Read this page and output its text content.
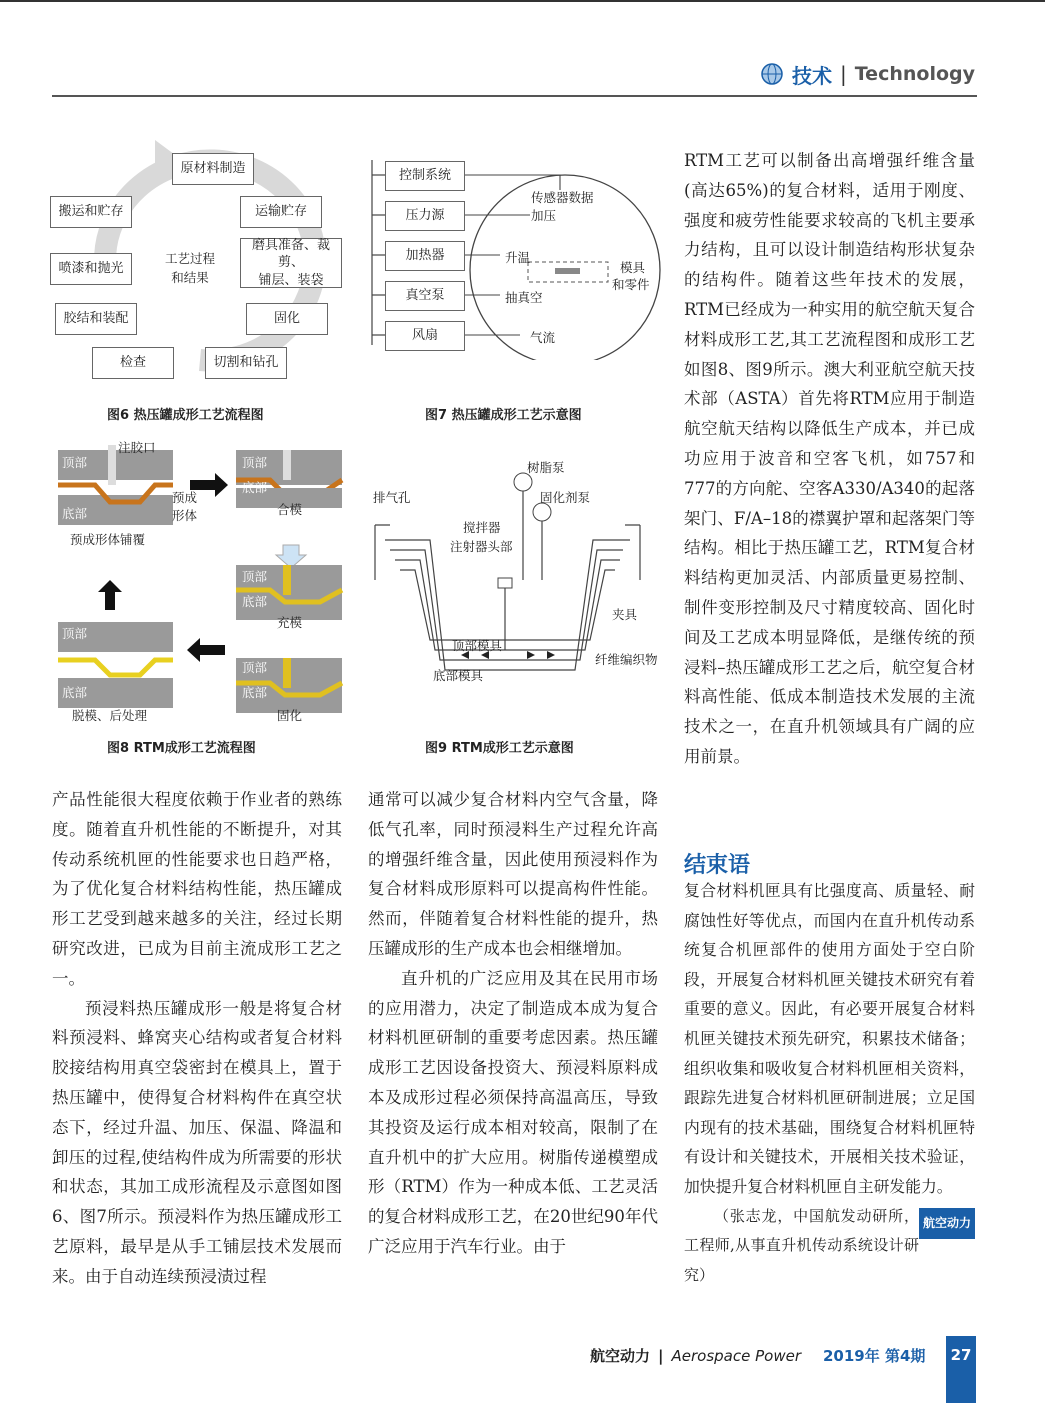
技术 | Technology
原材料制造
运输贮存
磨具准备、裁剪、
铺层、装袋
固化
切割和钻孔
检查
胶结和装配
喷漆和抛光
搬运和贮存
工艺过程
和结果
图6 热压罐成形工艺流程图
控制系统
压力源
加热器
真空泵
风扇
传感器数据
加压
升温
抽真空
气流
模具
和零件
图7 热压罐成形工艺示意图
顶部
底部
注胶口
预成
形体
顶部
底部
顶部
底部
顶部
底部
顶部
底部
预成形体铺覆
合模
充模
固化
脱模、后处理
图8 RTM成形工艺流程图
树脂泵
排气孔	固化剂泵
搅拌器
注射器头部
夹具
顶部模具
纤维编织物
底部模具
图9 RTM成形工艺示意图

产品性能很大程度依赖于作业者的熟练度。随着直升机性能的不断提升，对其传动系统机匣的性能要求也日趋严格，为了优化复合材料结构性能，热压罐成形工艺受到越来越多的关注，经过长期研究改进，已成为目前主流成形工艺之一。

预浸料热压罐成形一般是将复合材料预浸料、蜂窝夹心结构或者复合材料胶接结构用真空袋密封在模具上，置于热压罐中，使得复合材料构件在真空状态下，经过升温、加压、保温、降温和卸压的过程,使结构件成为所需要的形状和状态，其加工成形流程及示意图如图6、图7所示。预浸料作为热压罐成形工艺原料，最早是从手工铺层技术发展而来。由于自动连续预浸渍过程

通常可以减少复合材料内空气含量，降低气孔率，同时预浸料生产过程允许高的增强纤维含量，因此使用预浸料作为复合材料成形原料可以提高构件性能。然而，伴随着复合材料性能的提升，热压罐成形的生产成本也会相继增加。

直升机的广泛应用及其在民用市场的应用潜力，决定了制造成本成为复合材料机匣研制的重要考虑因素。热压罐成形工艺因设备投资大、预浸料原料成本及成形过程必须保持高温高压，导致其投资及运行成本相对较高，限制了在直升机中的扩大应用。树脂传递模塑成形（RTM）作为一种成本低、工艺灵活的复合材料成形工艺，在20世纪90年代广泛应用于汽车行业。由于

RTM工艺可以制备出高增强纤维含量(高达65%)的复合材料，适用于刚度、强度和疲劳性能要求较高的飞机主要承力结构，且可以设计制造结构形状复杂的结构件。随着这些年技术的发展，RTM已经成为一种实用的航空航天复合材料成形工艺,其工艺流程图和成形工艺如图8、图9所示。澳大利亚航空航天技术部（ASTA）首先将RTM应用于制造航空航天结构以降低生产成本，并已成功应用于波音和空客飞机，如757和777的方向舵、空客A330/A340的起落架门、F/A–18的襟翼护罩和起落架门等结构。相比于热压罐工艺，RTM复合材料结构更加灵活、内部质量更易控制、制件变形控制及尺寸精度较高、固化时间及工艺成本明显降低，是继传统的预浸料–热压罐成形工艺之后，航空复合材料高性能、低成本制造技术发展的主流技术之一，在直升机领域具有广阔的应用前景。

结束语

复合材料机匣具有比强度高、质量轻、耐腐蚀性好等优点，而国内在直升机传动系统复合机匣部件的使用方面处于空白阶段，开展复合材料机匣关键技术研究有着重要的意义。因此，有必要开展复合材料机匣关键技术预先研究，积累技术储备；组织收集和吸收复合材料机匣相关资料，跟踪先进复合材料机匣研制进展；立足国内现有的技术基础，围绕复合材料机匣特有设计和关键技术，开展相关技术验证，加快提升复合材料机匣自主研发能力。
航空动力

（张志龙，中国航发动研所，工程师,从事直升机传动系统设计研究）

航空动力 | Aerospace Power 2019年 第4期	27
